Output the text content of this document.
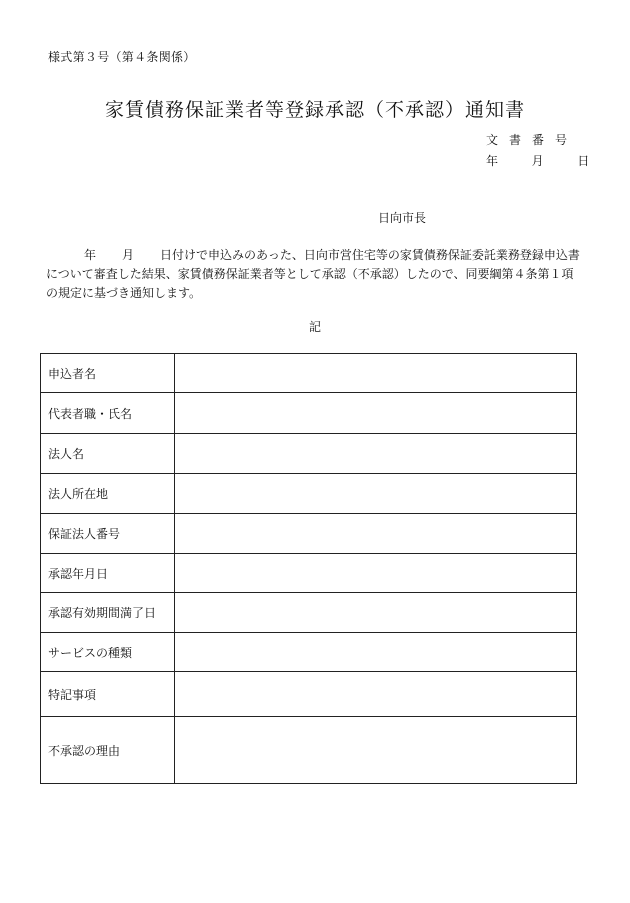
様式第３号（第４条関係）
家賃債務保証業者等登録承認（不承認）通知書
文書番号
年	月	日
日向市長
年 月 日付けで申込みのあった、日向市営住宅等の家賃債務保証委託業務登録申込書
について審査した結果、家賃債務保証業者等として承認（不承認）したので、同要綱第４条第１項
の規定に基づき通知します。
記
申込者名	
代表者職・氏名	
法人名	
法人所在地	
保証法人番号	
承認年月日	
承認有効期間満了日	
サービスの種類	
特記事項	
不承認の理由	
